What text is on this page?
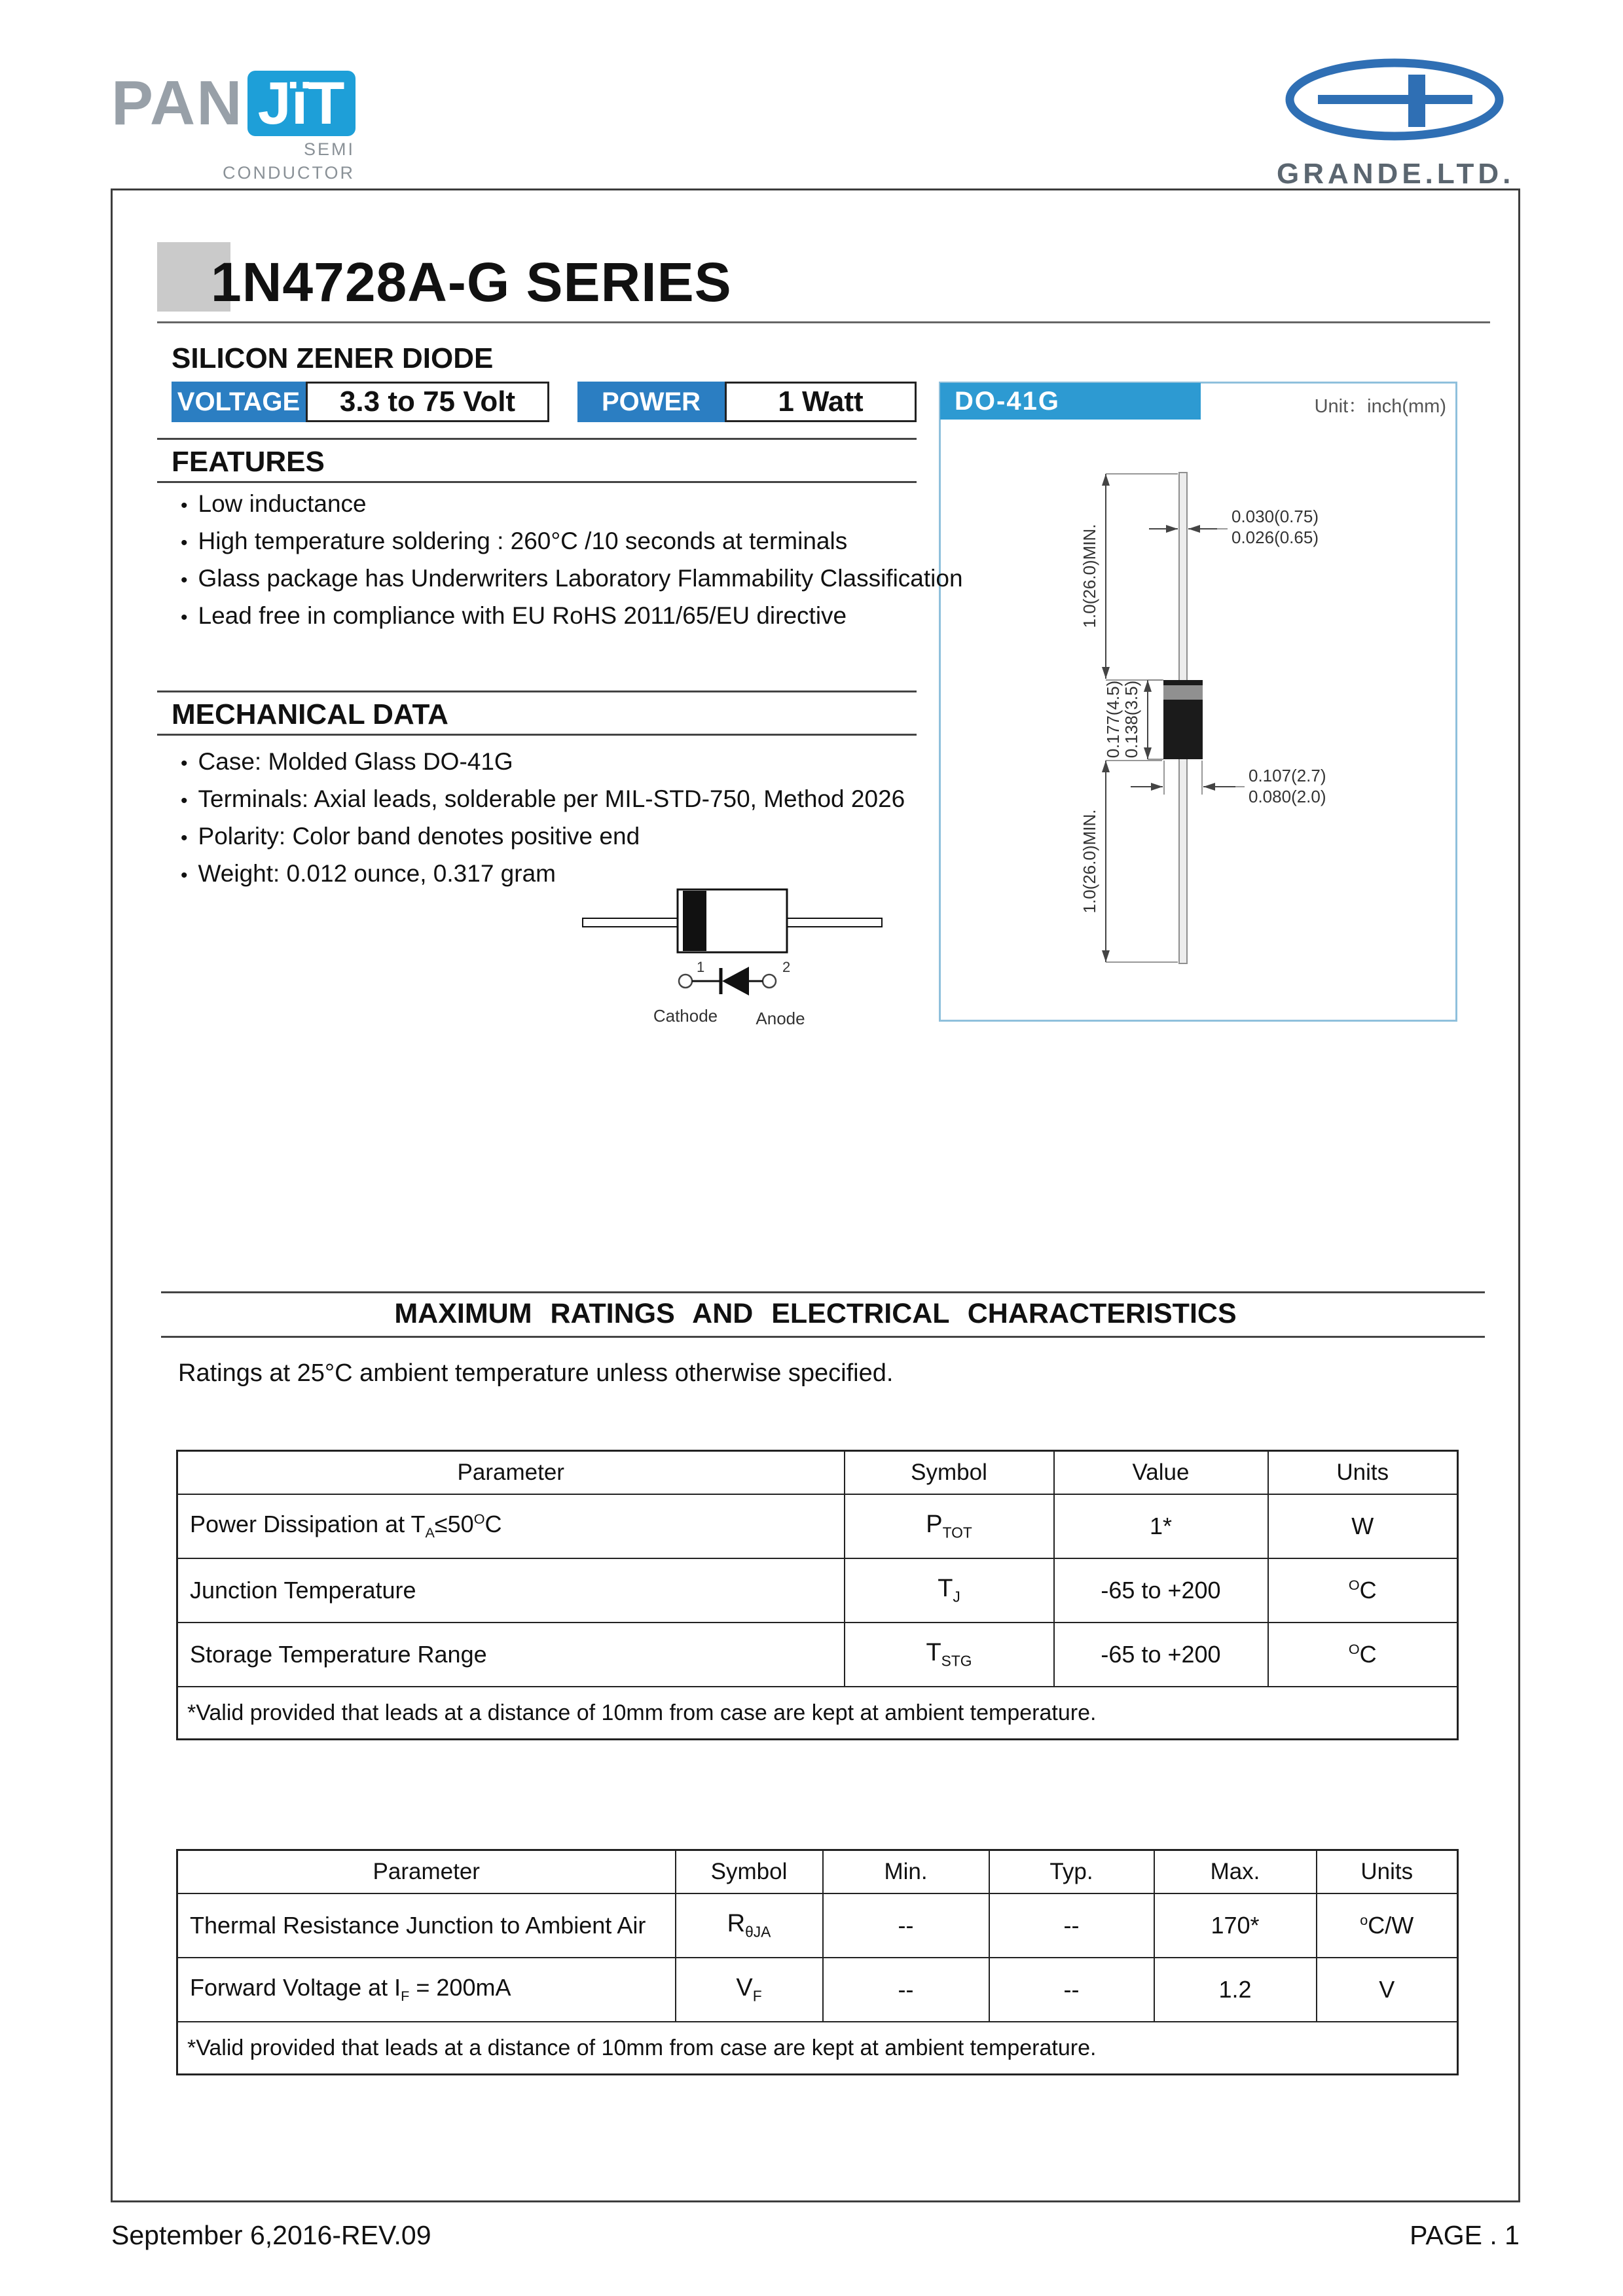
PAN JïT
SEMI
CONDUCTOR	GRANDE.LTD.
1N4728A-G SERIES
SILICON ZENER DIODE
VOLTAGE	3.3 to 75 Volt	POWER	1 Watt	DO-41G	Unit：inch(mm)
1.0(26.0)MIN.
0.177(4.5)
0.138(3.5)
1.0(26.0)MIN.
0.030(0.75)
0.026(0.65)
0.107(2.7)
0.080(2.0)
FEATURES
• Low inductance
• High temperature soldering : 260°C /10 seconds at terminals
• Glass package has Underwriters Laboratory Flammability Classification
• Lead free in compliance with EU RoHS 2011/65/EU directive
MECHANICAL DATA
• Case: Molded Glass DO-41G
• Terminals: Axial leads, solderable per MIL-STD-750, Method 2026
• Polarity: Color band denotes positive end
• Weight: 0.012 ounce, 0.317 gram
1	2
Cathode Anode
MAXIMUM RATINGS AND ELECTRICAL CHARACTERISTICS
Ratings at 25°C ambient temperature unless otherwise specified.
Parameter	Symbol	Value	Units
Power Dissipation at $T_A\le 50^OC$	$P_{TOT}$	1*	W
Junction Temperature	$T_J$	-65 to +200	$^O$C
Storage Temperature Range	$T_{STG}$	-65 to +200	$^O$C
*Valid provided that leads at a distance of 10mm from case are kept at ambient temperature.			
Parameter	Symbol	Min.	Typ.	Max.	Units
Thermal Resistance Junction to Ambient Air	$R_{\theta JA}$	--	--	170*	$^o$C/W
Forward Voltage at $I_F = 200mA$	$V_F$	--	--	1.2	V
*Valid provided that leads at a distance of 10mm from case are kept at ambient temperature.					
September 6,2016-REV.09	PAGE . 1
